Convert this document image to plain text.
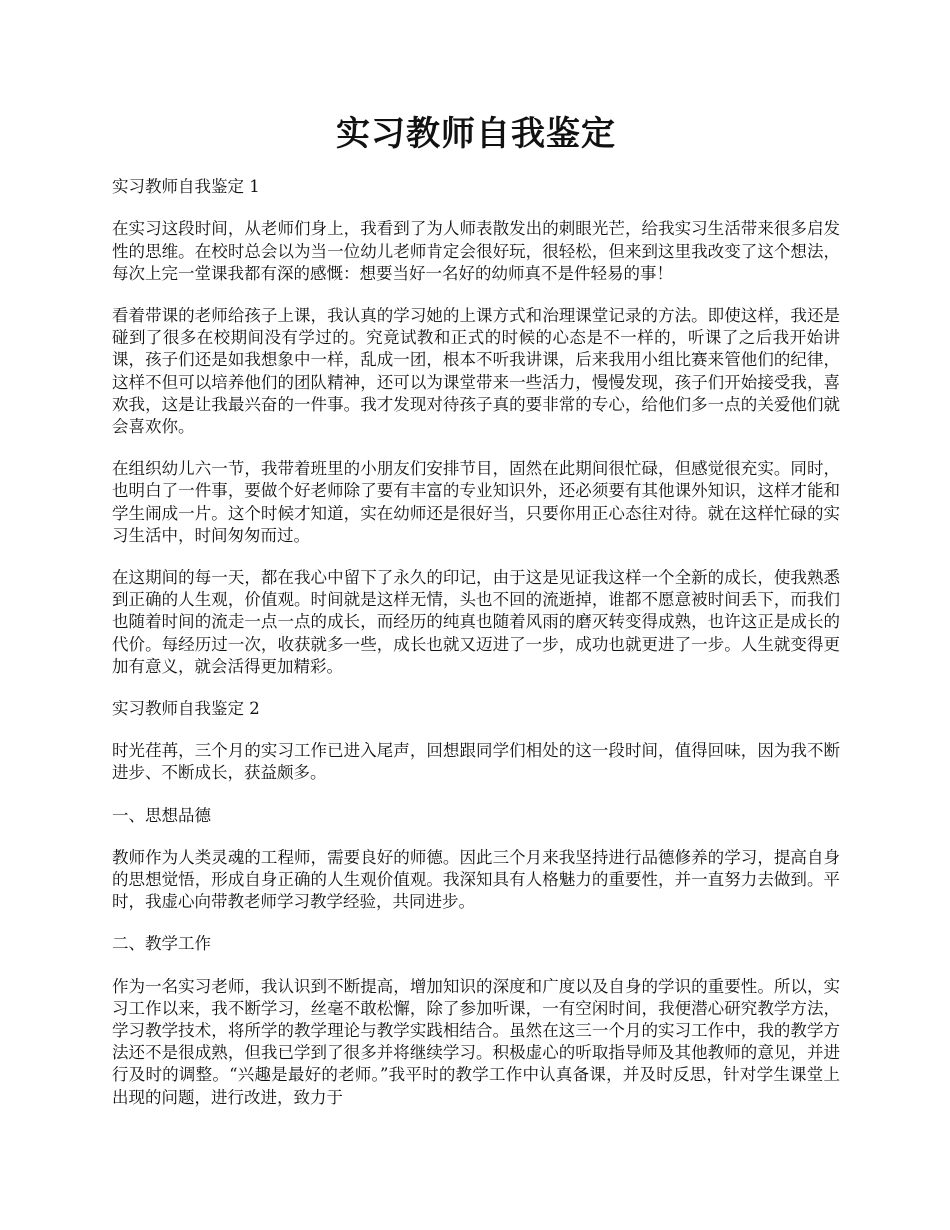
实习教师自我鉴定

实习教师自我鉴定 1

在实习这段时间，从老师们身上，我看到了为人师表散发出的刺眼光芒，给我实习生活带来很多启发性的思维。在校时总会以为当一位幼儿老师肯定会很好玩，很轻松，但来到这里我改变了这个想法，每次上完一堂课我都有深的感慨：想要当好一名好的幼师真不是件轻易的事！

看着带课的老师给孩子上课，我认真的学习她的上课方式和治理课堂记录的方法。即使这样，我还是碰到了很多在校期间没有学过的。究竟试教和正式的时候的心态是不一样的，听课了之后我开始讲课，孩子们还是如我想象中一样，乱成一团，根本不听我讲课，后来我用小组比赛来管他们的纪律，这样不但可以培养他们的团队精神，还可以为课堂带来一些活力，慢慢发现，孩子们开始接受我，喜欢我，这是让我最兴奋的一件事。我才发现对待孩子真的要非常的专心，给他们多一点的关爱他们就会喜欢你。

在组织幼儿六一节，我带着班里的小朋友们安排节目，固然在此期间很忙碌，但感觉很充实。同时，也明白了一件事，要做个好老师除了要有丰富的专业知识外，还必须要有其他课外知识，这样才能和学生闹成一片。这个时候才知道，实在幼师还是很好当，只要你用正心态往对待。就在这样忙碌的实习生活中，时间匆匆而过。

在这期间的每一天，都在我心中留下了永久的印记，由于这是见证我这样一个全新的成长，使我熟悉到正确的人生观，价值观。时间就是这样无情，头也不回的流逝掉，谁都不愿意被时间丢下，而我们也随着时间的流走一点一点的成长，而经历的纯真也随着风雨的磨灭转变得成熟，也许这正是成长的代价。每经历过一次，收获就多一些，成长也就又迈进了一步，成功也就更进了一步。人生就变得更加有意义，就会活得更加精彩。

实习教师自我鉴定 2

时光荏苒，三个月的实习工作已进入尾声，回想跟同学们相处的这一段时间，值得回味，因为我不断进步、不断成长，获益颇多。

一、思想品德

教师作为人类灵魂的工程师，需要良好的师德。因此三个月来我坚持进行品德修养的学习，提高自身的思想觉悟，形成自身正确的人生观价值观。我深知具有人格魅力的重要性，并一直努力去做到。平时，我虚心向带教老师学习教学经验，共同进步。

二、教学工作

作为一名实习老师，我认识到不断提高，增加知识的深度和广度以及自身的学识的重要性。所以，实习工作以来，我不断学习，丝毫不敢松懈，除了参加听课，一有空闲时间，我便潜心研究教学方法，学习教学技术，将所学的教学理论与教学实践相结合。虽然在这三一个月的实习工作中，我的教学方法还不是很成熟，但我已学到了很多并将继续学习。积极虚心的听取指导师及其他教师的意见，并进行及时的调整。“兴趣是最好的老师。”我平时的教学工作中认真备课，并及时反思，针对学生课堂上出现的问题，进行改进，致力于
